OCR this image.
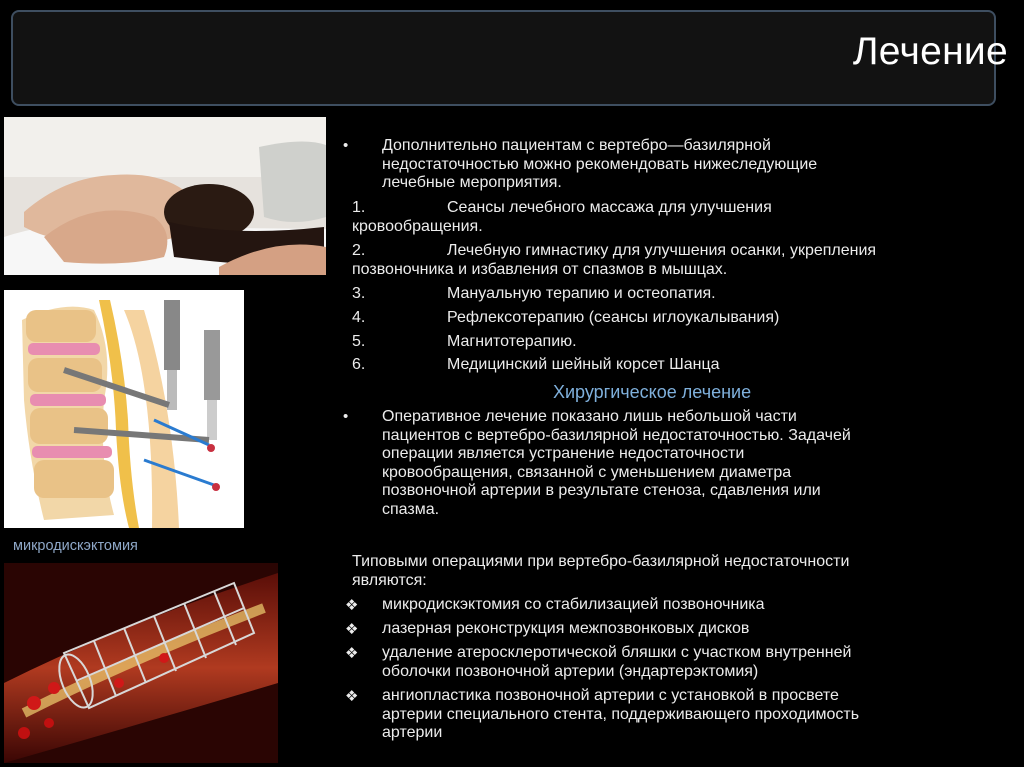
Лечение

микродискэктомия

• Дополнительно пациентам с вертебро—базилярной
недостаточностью можно рекомендовать нижеследующие
лечебные мероприятия.
1.	Сеансы лечебного массажа для улучшения
кровообращения.
2.	Лечебную гимнастику для улучшения осанки, укрепления
позвоночника и избавления от спазмов в мышцах.
3.	Мануальную терапию и остеопатия.
4.	Рефлексотерапию (сеансы иглоукалывания)
5.	Магнитотерапию.
6.	Медицинский шейный корсет Шанца
Хирургическое лечение
• Оперативное лечение показано лишь небольшой части
пациентов с вертебро-базилярной недостаточностью. Задачей
операции является устранение недостаточности
кровообращения, связанной с уменьшением диаметра
позвоночной артерии в результате стеноза, сдавления или
спазма.
Типовыми операциями при вертебро-базилярной недостаточности
являются:
❖ микродискэктомия со стабилизацией позвоночника
❖ лазерная реконструкция межпозвонковых дисков
❖ удаление атеросклеротической бляшки с участком внутренней
оболочки позвоночной артерии (эндартерэктомия)
❖ ангиопластика позвоночной артерии с установкой в просвете
артерии специального стента, поддерживающего проходимость
артерии
